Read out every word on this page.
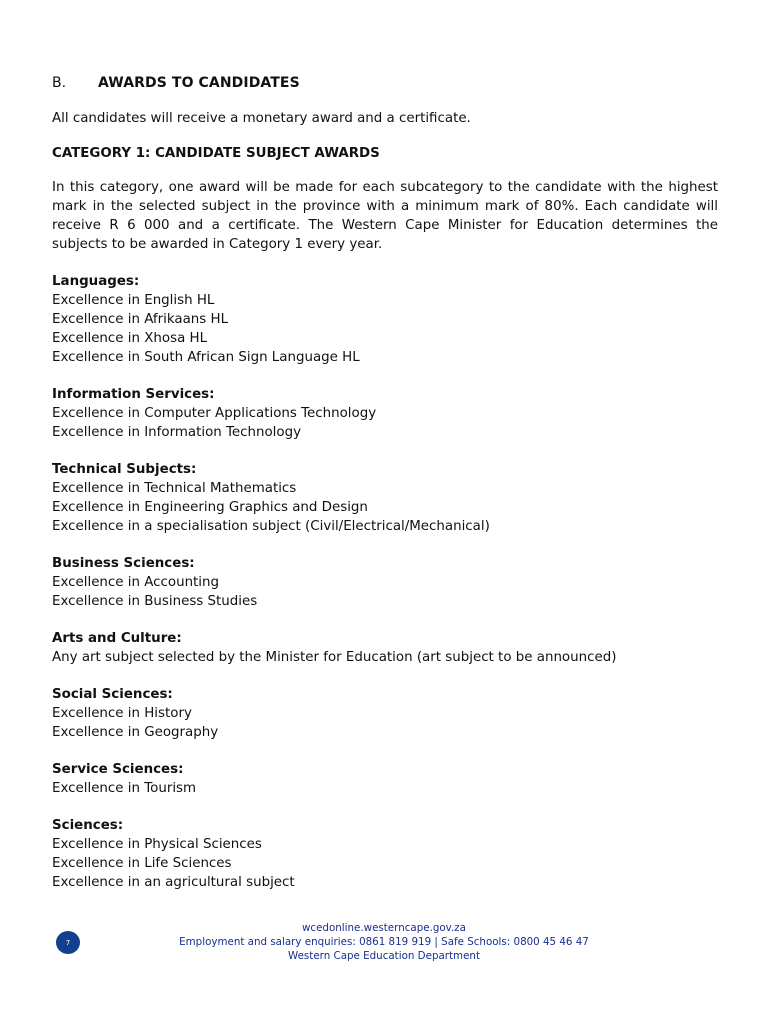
B.	AWARDS TO CANDIDATES

All candidates will receive a monetary award and a certificate.

CATEGORY 1: CANDIDATE SUBJECT AWARDS

In this category, one award will be made for each subcategory to the candidate with the highest mark in the selected subject in the province with a minimum mark of 80%. Each candidate will receive R 6 000 and a certificate. The Western Cape Minister for Education determines the subjects to be awarded in Category 1 every year.

Languages:
Excellence in English HL
Excellence in Afrikaans HL
Excellence in Xhosa HL
Excellence in South African Sign Language HL
Information Services:
Excellence in Computer Applications Technology
Excellence in Information Technology
Technical Subjects:
Excellence in Technical Mathematics
Excellence in Engineering Graphics and Design
Excellence in a specialisation subject (Civil/Electrical/Mechanical)
Business Sciences:
Excellence in Accounting
Excellence in Business Studies
Arts and Culture:
Any art subject selected by the Minister for Education (art subject to be announced)
Social Sciences:
Excellence in History
Excellence in Geography
Service Sciences:
Excellence in Tourism
Sciences:
Excellence in Physical Sciences
Excellence in Life Sciences
Excellence in an agricultural subject
7
wcedonline.westerncape.gov.za
Employment and salary enquiries: 0861 819 919 | Safe Schools: 0800 45 46 47
Western Cape Education Department
